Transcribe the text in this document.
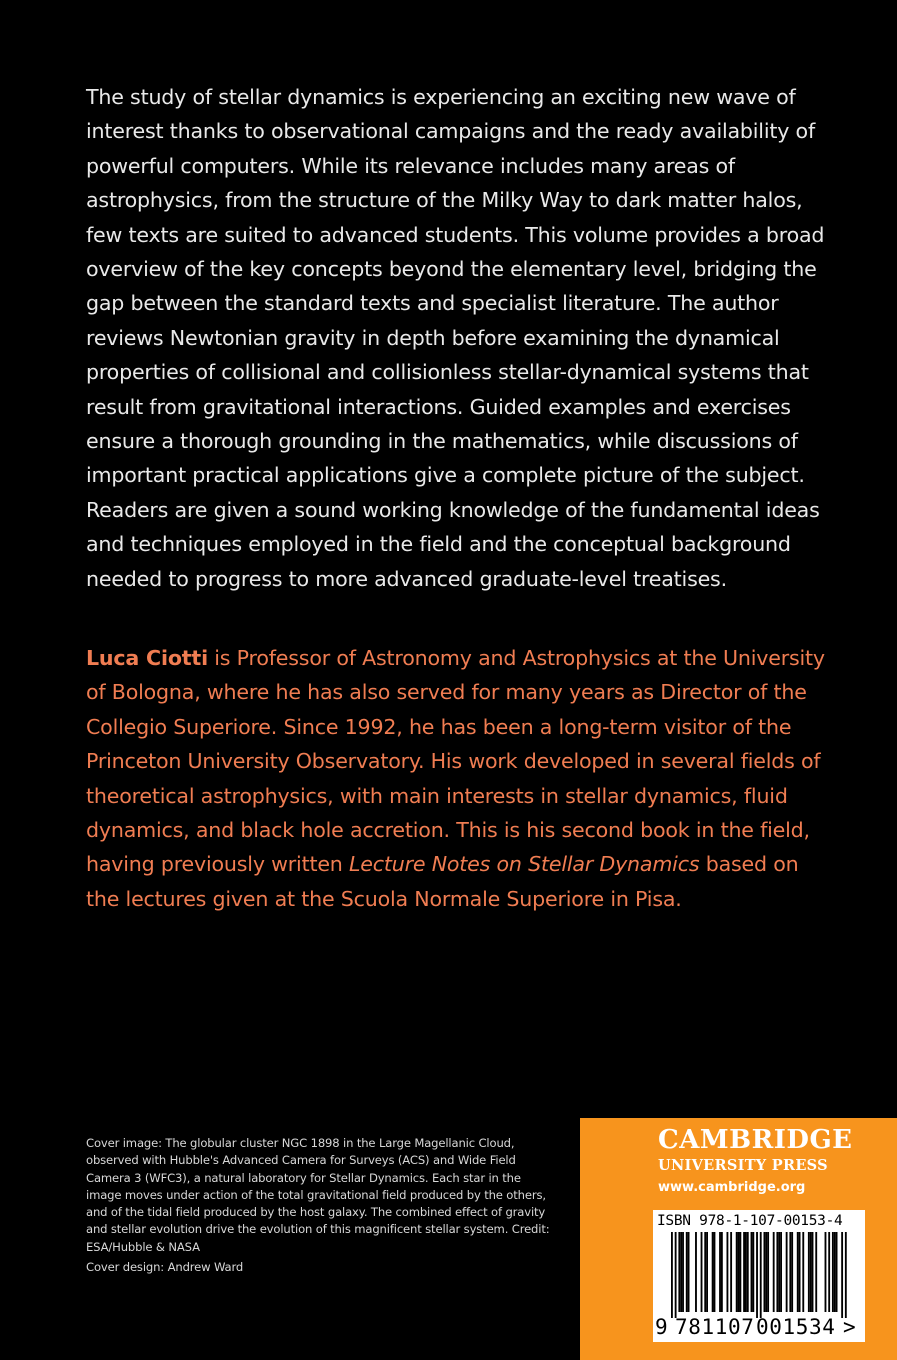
The study of stellar dynamics is experiencing an exciting new wave of interest thanks to observational campaigns and the ready availability of powerful computers. While its relevance includes many areas of astrophysics, from the structure of the Milky Way to dark matter halos, few texts are suited to advanced students. This volume provides a broad overview of the key concepts beyond the elementary level, bridging the gap between the standard texts and specialist literature. The author reviews Newtonian gravity in depth before examining the dynamical properties of collisional and collisionless stellar-dynamical systems that result from gravitational interactions. Guided examples and exercises ensure a thorough grounding in the mathematics, while discussions of important practical applications give a complete picture of the subject. Readers are given a sound working knowledge of the fundamental ideas and techniques employed in the field and the conceptual background needed to progress to more advanced graduate-level treatises.

Luca Ciotti is Professor of Astronomy and Astrophysics at the University of Bologna, where he has also served for many years as Director of the Collegio Superiore. Since 1992, he has been a long-term visitor of the Princeton University Observatory. His work developed in several fields of theoretical astrophysics, with main interests in stellar dynamics, fluid dynamics, and black hole accretion. This is his second book in the field, having previously written Lecture Notes on Stellar Dynamics based on the lectures given at the Scuola Normale Superiore in Pisa.

Cover image: The globular cluster NGC 1898 in the Large Magellanic Cloud, observed with Hubble's Advanced Camera for Surveys (ACS) and Wide Field Camera 3 (WFC3), a natural laboratory for Stellar Dynamics. Each star in the image moves under action of the total gravitational field produced by the others, and of the tidal field produced by the host galaxy. The combined effect of gravity and stellar evolution drive the evolution of this magnificent stellar system. Credit: ESA/Hubble & NASA

Cover design: Andrew Ward

CAMBRIDGE

UNIVERSITY PRESS

www.cambridge.org

ISBN 978-1-107-00153-4

9 781107 001534 >
